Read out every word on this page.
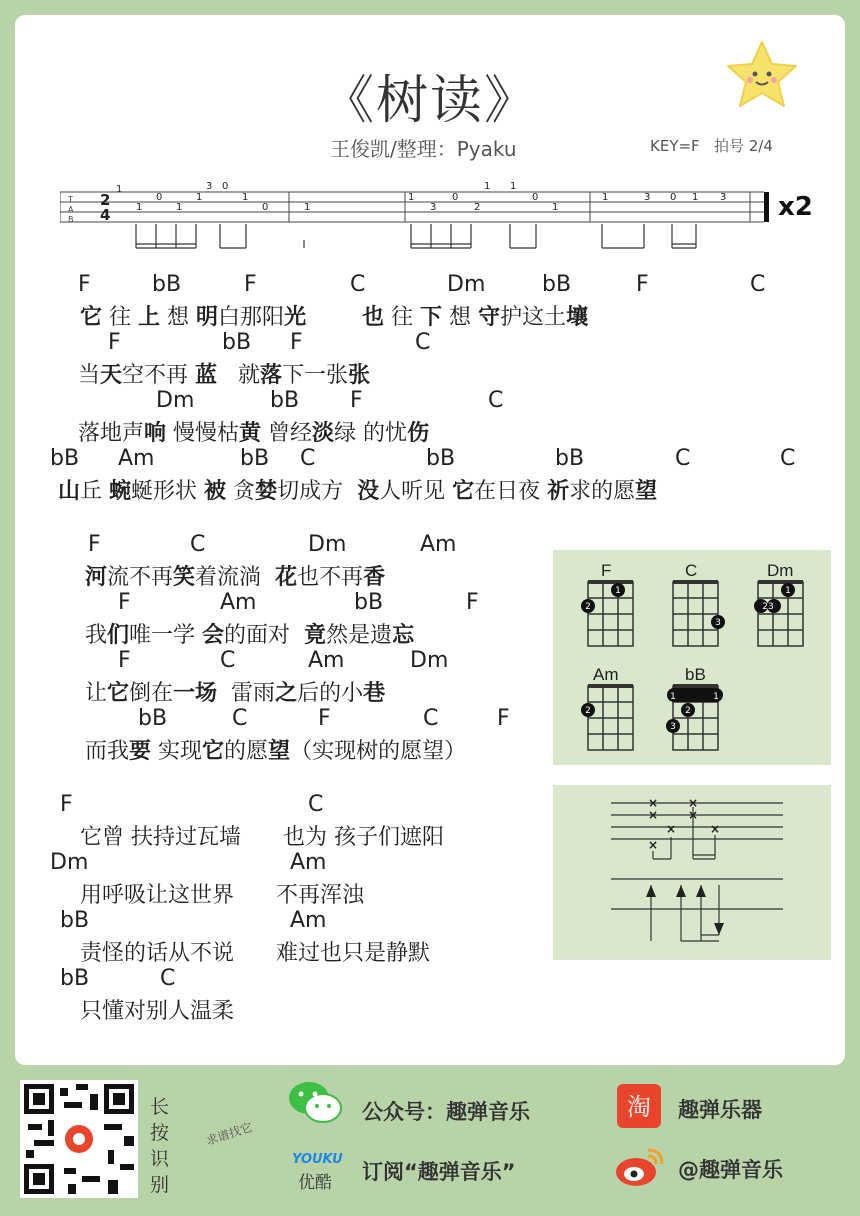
《树读》
王俊凯/整理：Pyaku	KEY=F 拍号 2/4
T
A
B
2
4
1
1
0
1
1
3 0
1
0	1
1
3
0
2
1 1
0
1
1	3 0 1 3 x2
F	bB	F	C	Dm	bB	F	C
它 往 上 想 明白那阳光	也 往 下 想 守护这土壤
F	bB F	C
当天空不再 蓝   就落下一张张
Dm	bB F	C
落地声响 慢慢枯黄 曾经淡绿 的忧伤
bB Am	bB C	bB	bB	C	C
山丘 蜿蜒形状 被 贪婪切成方  没人听见 它在日夜 祈求的愿望
F	C	Dm	Am
河流不再笑着流淌  花也不再香
F	Am	bB	F
我们唯一学 会的面对  竟然是遗忘
F	C	Am	Dm
让它倒在一场  雷雨之后的小巷
bB	C	F	C	F
而我要 实现它的愿望（实现树的愿望）
F	C
它曾 扶持过瓦墙      也为 孩子们遮阳
Dm	Am
用呼吸让这世界      不再浑浊
bB	Am
责怪的话从不说      难过也只是静默
bB	C
只懂对别人温柔
F	C	Dm
Am	bB
1
2
3
1
23
2
1	1
2
3
×
×
×
×
×	×
×
长
按
识
别
求谱找它
公众号：趣弹音乐	淘 趣弹乐器
YOUKU
优酷 订阅“趣弹音乐”	@趣弹音乐
